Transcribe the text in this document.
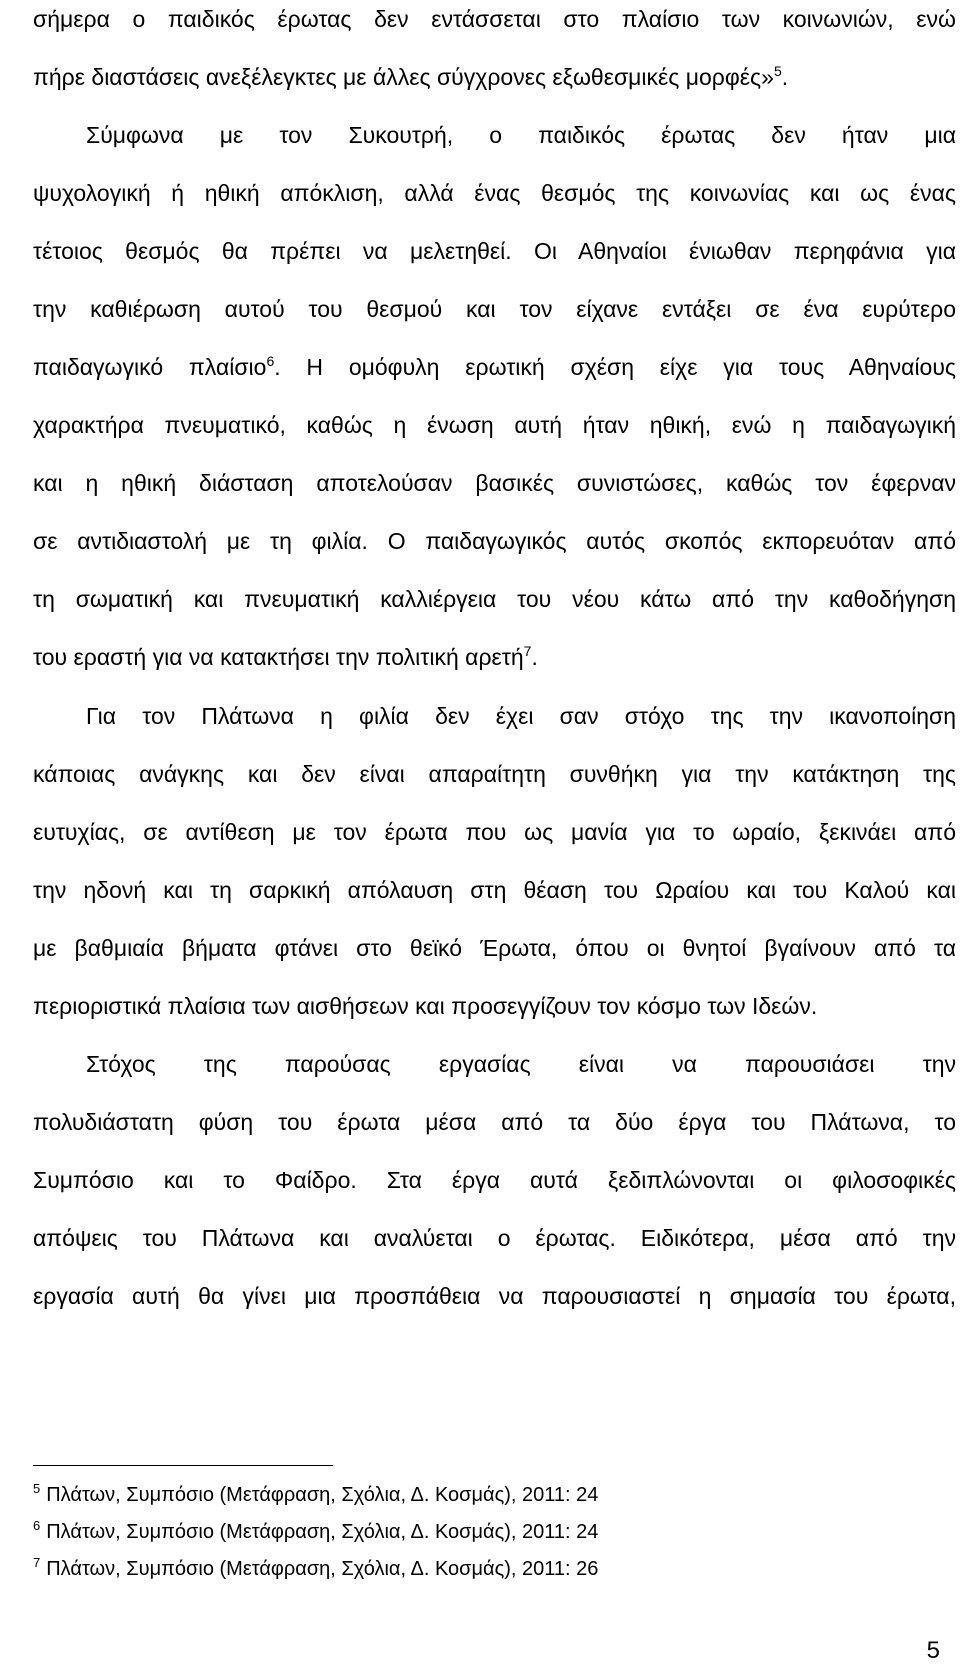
σήμερα ο παιδικός έρωτας δεν εντάσσεται στο πλαίσιο των κοινωνιών, ενώ
πήρε διαστάσεις ανεξέλεγκτες με άλλες σύγχρονες εξωθεσμικές μορφές»$^5$.
Σύμφωνα με τον Συκουτρή, ο παιδικός έρωτας δεν ήταν μια
ψυχολογική ή ηθική απόκλιση, αλλά ένας θεσμός της κοινωνίας και ως ένας
τέτοιος θεσμός θα πρέπει να μελετηθεί. Οι Αθηναίοι ένιωθαν περηφάνια για
την καθιέρωση αυτού του θεσμού και τον είχανε εντάξει σε ένα ευρύτερο
παιδαγωγικό πλαίσιο$^6$. Η ομόφυλη ερωτική σχέση είχε για τους Αθηναίους
χαρακτήρα πνευματικό, καθώς η ένωση αυτή ήταν ηθική, ενώ η παιδαγωγική
και η ηθική διάσταση αποτελούσαν βασικές συνιστώσες, καθώς τον έφερναν
σε αντιδιαστολή με τη φιλία. Ο παιδαγωγικός αυτός σκοπός εκπορευόταν από
τη σωματική και πνευματική καλλιέργεια του νέου κάτω από την καθοδήγηση
του εραστή για να κατακτήσει την πολιτική αρετή$^7$.
Για τον Πλάτωνα η φιλία δεν έχει σαν στόχο της την ικανοποίηση
κάποιας ανάγκης και δεν είναι απαραίτητη συνθήκη για την κατάκτηση της
ευτυχίας, σε αντίθεση με τον έρωτα που ως μανία για το ωραίο, ξεκινάει από
την ηδονή και τη σαρκική απόλαυση στη θέαση του Ωραίου και του Καλού και
με βαθμιαία βήματα φτάνει στο θεϊκό Έρωτα, όπου οι θνητοί βγαίνουν από τα
περιοριστικά πλαίσια των αισθήσεων και προσεγγίζουν τον κόσμο των Ιδεών.
Στόχος της παρούσας εργασίας είναι να παρουσιάσει την
πολυδιάστατη φύση του έρωτα μέσα από τα δύο έργα του Πλάτωνα, το
Συμπόσιο και το Φαίδρο. Στα έργα αυτά ξεδιπλώνονται οι φιλοσοφικές
απόψεις του Πλάτωνα και αναλύεται ο έρωτας. Ειδικότερα, μέσα από την
εργασία αυτή θα γίνει μια προσπάθεια να παρουσιαστεί η σημασία του έρωτα,
$^5$ Πλάτων, Συμπόσιο (Μετάφραση, Σχόλια, Δ. Κοσμάς), 2011: 24
$^6$ Πλάτων, Συμπόσιο (Μετάφραση, Σχόλια, Δ. Κοσμάς), 2011: 24
$^7$ Πλάτων, Συμπόσιο (Μετάφραση, Σχόλια, Δ. Κοσμάς), 2011: 26
5
